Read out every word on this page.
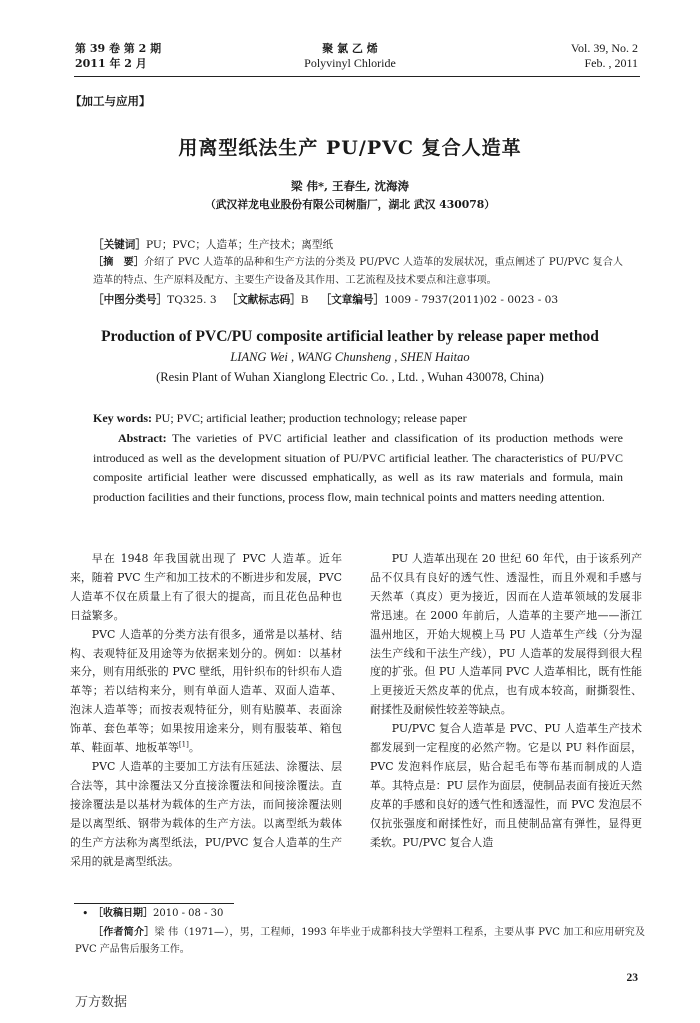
第 39 卷 第 2 期
2011 年 2 月
聚 氯 乙 烯
Polyvinyl Chloride
Vol. 39, No. 2
Feb. , 2011
【加工与应用】
用离型纸法生产 PU/PVC 复合人造革
梁 伟*, 王春生, 沈海涛
（武汉祥龙电业股份有限公司树脂厂，湖北 武汉 430078）
［关键词］PU；PVC；人造革；生产技术；离型纸
［摘　要］介绍了 PVC 人造革的品种和生产方法的分类及 PU/PVC 人造革的发展状况，重点阐述了 PU/PVC 复合人造革的特点、生产原料及配方、主要生产设备及其作用、工艺流程及技术要点和注意事项。
［中图分类号］TQ325. 3 ［文献标志码］B ［文章编号］1009 - 7937(2011)02 - 0023 - 03
Production of PVC/PU composite artificial leather by release paper method
LIANG Wei , WANG Chunsheng , SHEN Haitao
(Resin Plant of Wuhan Xianglong Electric Co. , Ltd. , Wuhan 430078, China)
Key words: PU; PVC; artificial leather; production technology; release paper
Abstract: The varieties of PVC artificial leather and classification of its production methods were introduced as well as the development situation of PU/PVC artificial leather. The characteristics of PU/PVC composite artificial leather were discussed emphatically, as well as its raw materials and formula, main production facilities and their functions, process flow, main technical points and matters needing attention.

早在 1948 年我国就出现了 PVC 人造革。近年来，随着 PVC 生产和加工技术的不断进步和发展，PVC 人造革不仅在质量上有了很大的提高，而且花色品种也日益繁多。

PVC 人造革的分类方法有很多，通常是以基材、结构、表观特征及用途等为依据来划分的。例如：以基材来分，则有用纸张的 PVC 壁纸，用针织布的针织布人造革等；若以结构来分，则有单面人造革、双面人造革、泡沫人造革等；而按表观特征分，则有贴膜革、表面涂饰革、套色革等；如果按用途来分，则有服装革、箱包革、鞋面革、地板革等[1]。

PVC 人造革的主要加工方法有压延法、涂覆法、层合法等，其中涂覆法又分直接涂覆法和间接涂覆法。直接涂覆法是以基材为载体的生产方法，而间接涂覆法则是以离型纸、钢带为载体的生产方法。以离型纸为载体的生产方法称为离型纸法，PU/PVC 复合人造革的生产采用的就是离型纸法。

PU 人造革出现在 20 世纪 60 年代，由于该系列产品不仅具有良好的透气性、透湿性，而且外观和手感与天然革（真皮）更为接近，因而在人造革领域的发展非常迅速。在 2000 年前后，人造革的主要产地——浙江温州地区，开始大规模上马 PU 人造革生产线（分为湿法生产线和干法生产线），PU 人造革的发展得到很大程度的扩张。但 PU 人造革同 PVC 人造革相比，既有性能上更接近天然皮革的优点，也有成本较高，耐撕裂性、耐揉性及耐候性较差等缺点。

PU/PVC 复合人造革是 PVC、PU 人造革生产技术都发展到一定程度的必然产物。它是以 PU 料作面层，PVC 发泡料作底层，贴合起毛布等布基而制成的人造革。其特点是：PU 层作为面层，使制品表面有接近天然皮革的手感和良好的透气性和透湿性，而 PVC 发泡层不仅抗张强度和耐揉性好，而且使制品富有弹性，显得更柔软。PU/PVC 复合人造

• ［收稿日期］2010 - 08 - 30
［作者简介］梁 伟（1971—），男，工程师，1993 年毕业于成都科技大学塑料工程系，主要从事 PVC 加工和应用研究及 PVC 产品售后服务工作。
23
万方数据
